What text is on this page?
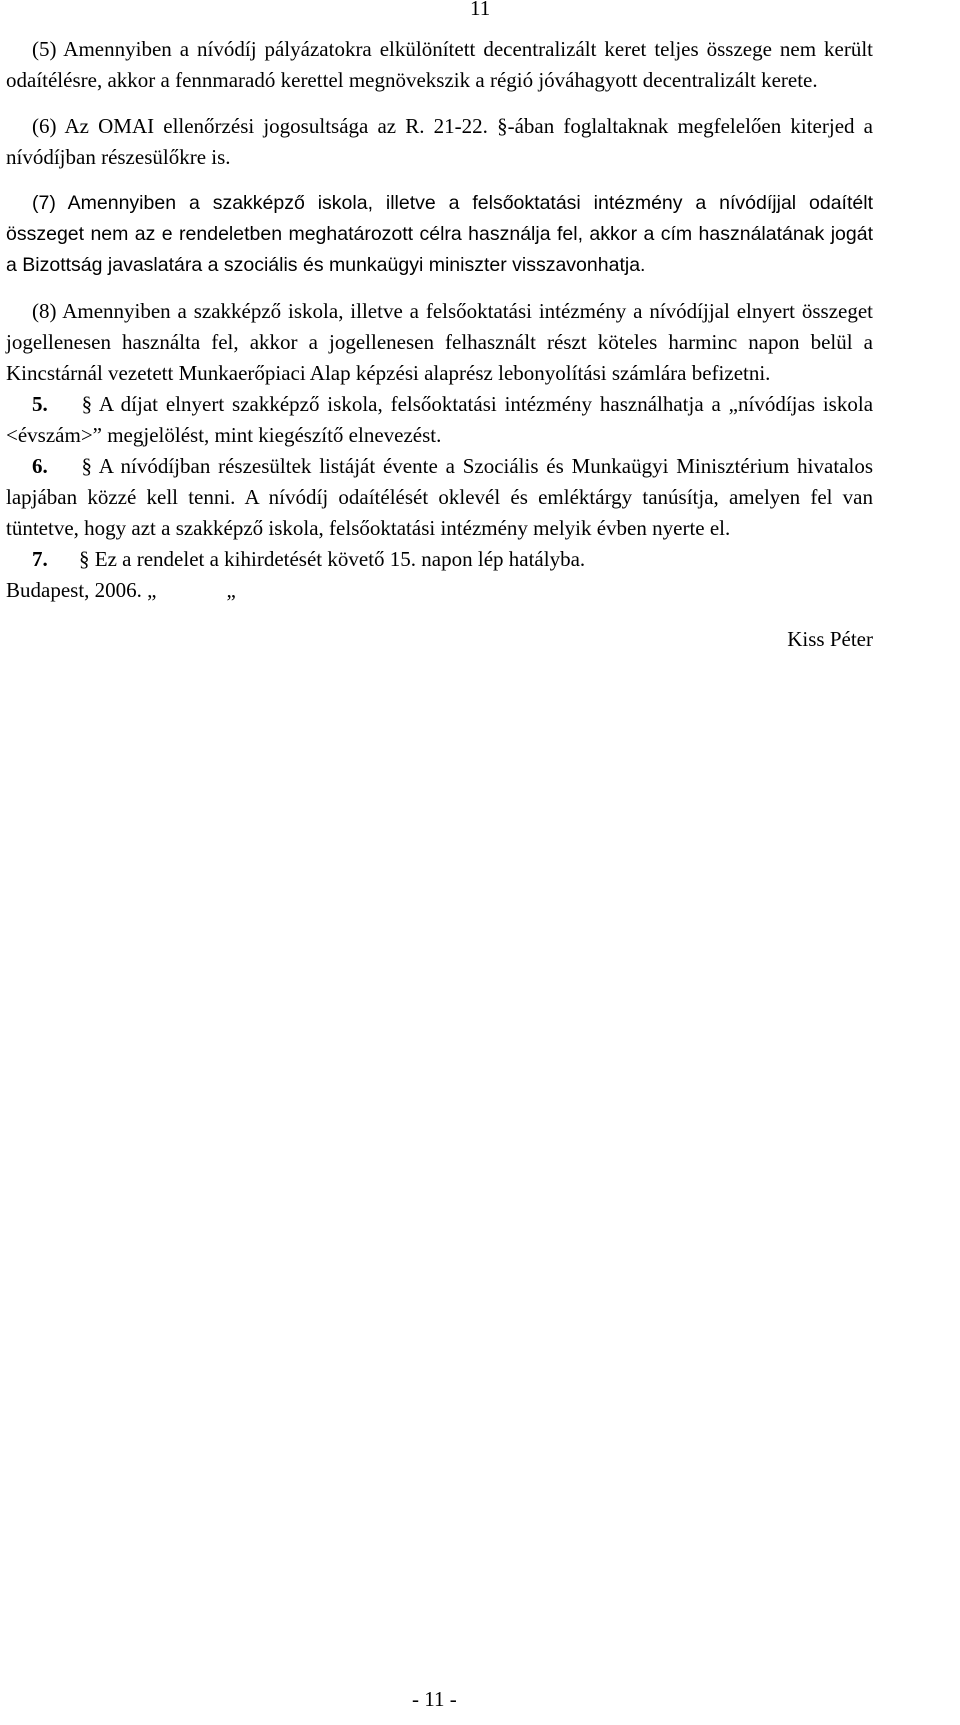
11

(5) Amennyiben a nívódíj pályázatokra elkülönített decentralizált keret teljes összege nem került odaítélésre, akkor a fennmaradó kerettel megnövekszik a régió jóváhagyott decentralizált kerete.

(6) Az OMAI ellenőrzési jogosultsága az R. 21-22. §-ában foglaltaknak megfelelően kiterjed a nívódíjban részesülőkre is.

(7) Amennyiben a szakképző iskola, illetve a felsőoktatási intézmény a nívódíjjal odaítélt összeget nem az e rendeletben meghatározott célra használja fel, akkor a cím használatának jogát a Bizottság javaslatára a szociális és munkaügyi miniszter visszavonhatja.

(8) Amennyiben a szakképző iskola, illetve a felsőoktatási intézmény a nívódíjjal elnyert összeget jogellenesen használta fel, akkor a jogellenesen felhasznált részt köteles harminc napon belül a Kincstárnál vezetett Munkaerőpiaci Alap képzési alaprész lebonyolítási számlára befizetni.

5. § A díjat elnyert szakképző iskola, felsőoktatási intézmény használhatja a „nívódíjas iskola <évszám>” megjelölést, mint kiegészítő elnevezést.

6. § A nívódíjban részesültek listáját évente a Szociális és Munkaügyi Minisztérium hivatalos lapjában közzé kell tenni. A nívódíj odaítélését oklevél és emléktárgy tanúsítja, amelyen fel van tüntetve, hogy azt a szakképző iskola, felsőoktatási intézmény melyik évben nyerte el.

7. § Ez a rendelet a kihirdetését követő 15. napon lép hatályba.

Budapest, 2006. „	„

Kiss Péter

- 11 -
